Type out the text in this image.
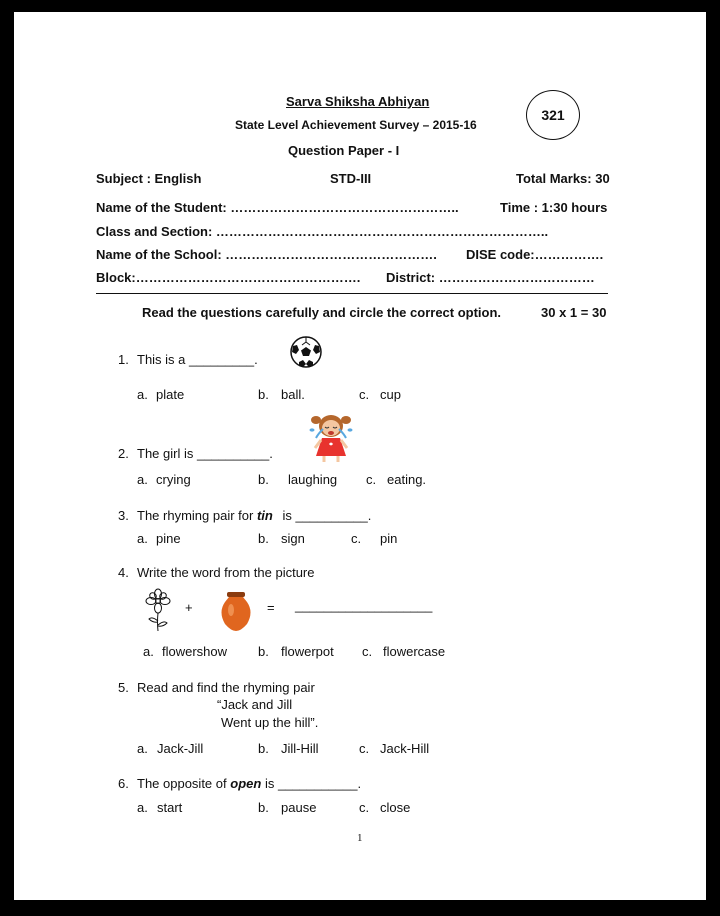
Sarva Shiksha Abhiyan
State Level Achievement Survey – 2015-16
321
Question Paper - I
Subject : English	STD-III	Total Marks: 30
Name of the Student: ……………………………………………..	Time : 1:30 hours
Class and Section: …………………………………………………………………..
Name of the School: ………………………………………….	DISE code:…………….
Block:…………………………………………….	District: ………………………………
Read the questions carefully and circle the correct option.	30 x 1 = 30
1. This is a _________.
a. plate	b. ball.	c. cup
2. The girl is __________.
a. crying	b. laughing c. eating.
3. The rhyming pair for tin is __________.
a. pine	b. sign	c. pin
4. Write the word from the picture
+	= ___________________
a. flowershow b. flowerpot c. flowercase
5. Read and find the rhyming pair
“Jack and Jill
Went up the hill”.
a. Jack-Jill	b. Jill-Hill	c. Jack-Hill
6. The opposite of open is ___________.
a. start	b. pause	c. close
1
